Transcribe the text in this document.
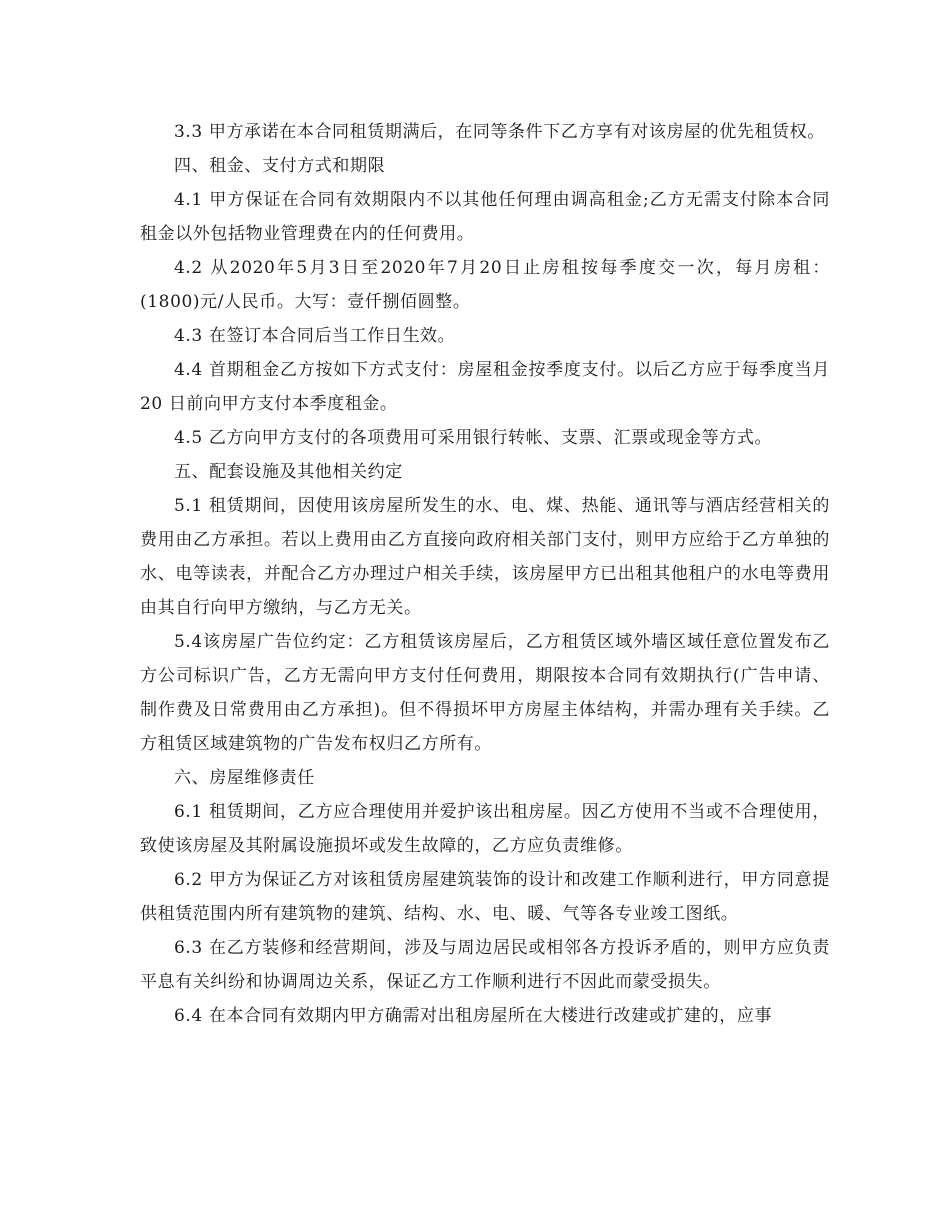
3.3 甲方承诺在本合同租赁期满后，在同等条件下乙方享有对该房屋的优先租赁权。

四、租金、支付方式和期限

4.1 甲方保证在合同有效期限内不以其他任何理由调高租金;乙方无需支付除本合同租金以外包括物业管理费在内的任何费用。

4.2 从2020年5月3日至2020年7月20日止房租按每季度交一次，每月房租：(1800)元/人民币。大写：壹仟捌佰圆整。

4.3 在签订本合同后当工作日生效。

4.4 首期租金乙方按如下方式支付：房屋租金按季度支付。以后乙方应于每季度当月 20 日前向甲方支付本季度租金。

4.5 乙方向甲方支付的各项费用可采用银行转帐、支票、汇票或现金等方式。

五、配套设施及其他相关约定

5.1 租赁期间，因使用该房屋所发生的水、电、煤、热能、通讯等与酒店经营相关的费用由乙方承担。若以上费用由乙方直接向政府相关部门支付，则甲方应给于乙方单独的水、电等读表，并配合乙方办理过户相关手续，该房屋甲方已出租其他租户的水电等费用由其自行向甲方缴纳，与乙方无关。

5.4该房屋广告位约定：乙方租赁该房屋后，乙方租赁区域外墙区域任意位置发布乙方公司标识广告，乙方无需向甲方支付任何费用，期限按本合同有效期执行(广告申请、制作费及日常费用由乙方承担)。但不得损坏甲方房屋主体结构，并需办理有关手续。乙方租赁区域建筑物的广告发布权归乙方所有。

六、房屋维修责任

6.1 租赁期间，乙方应合理使用并爱护该出租房屋。因乙方使用不当或不合理使用，致使该房屋及其附属设施损坏或发生故障的，乙方应负责维修。

6.2 甲方为保证乙方对该租赁房屋建筑装饰的设计和改建工作顺利进行，甲方同意提供租赁范围内所有建筑物的建筑、结构、水、电、暖、气等各专业竣工图纸。

6.3 在乙方装修和经营期间，涉及与周边居民或相邻各方投诉矛盾的，则甲方应负责平息有关纠纷和协调周边关系，保证乙方工作顺利进行不因此而蒙受损失。

6.4 在本合同有效期内甲方确需对出租房屋所在大楼进行改建或扩建的，应事
